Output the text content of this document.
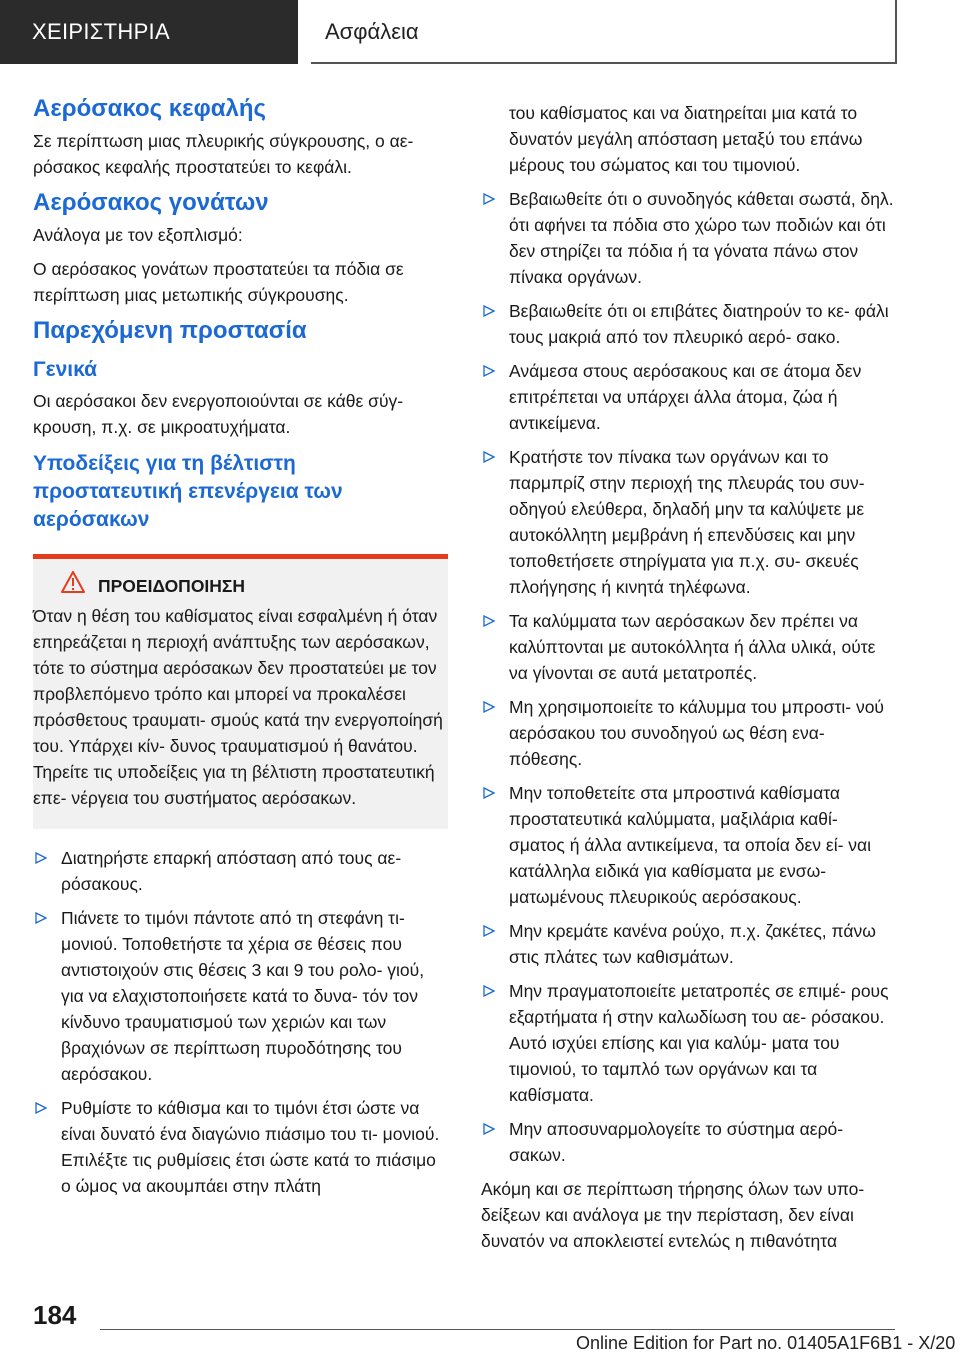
ΧΕΙΡΙΣΤΗΡΙΑ	Ασφάλεια
Αερόσακος κεφαλής

Σε περίπτωση μιας πλευρικής σύγκρουσης, ο αε- ρόσακος κεφαλής προστατεύει το κεφάλι.

Αερόσακος γονάτων

Ανάλογα με τον εξοπλισμό:

Ο αερόσακος γονάτων προστατεύει τα πόδια σε περίπτωση μιας μετωπικής σύγκρουσης.

Παρεχόμενη προστασία
Γενικά

Οι αερόσακοι δεν ενεργοποιούνται σε κάθε σύγ- κρουση, π.χ. σε μικροατυχήματα.

Υποδείξεις για τη βέλτιστη προστατευτική επενέργεια των αερόσακων
ΠΡΟΕΙΔΟΠΟΙΗΣΗ
Όταν η θέση του καθίσματος είναι εσφαλμένη ή όταν επηρεάζεται η περιοχή ανάπτυξης των αερόσακων, τότε το σύστημα αερόσακων δεν προστατεύει με τον προβλεπόμενο τρόπο και μπορεί να προκαλέσει πρόσθετους τραυματι- σμούς κατά την ενεργοποίησή του. Υπάρχει κίν- δυνος τραυματισμού ή θανάτου. Τηρείτε τις υποδείξεις για τη βέλτιστη προστατευτική επε- νέργεια του συστήματος αερόσακων.
Διατηρήστε επαρκή απόσταση από τους αε- ρόσακους.
Πιάνετε το τιμόνι πάντοτε από τη στεφάνη τι- μονιού. Τοποθετήστε τα χέρια σε θέσεις που αντιστοιχούν στις θέσεις 3 και 9 του ρολο- γιού, για να ελαχιστοποιήσετε κατά το δυνα- τόν τον κίνδυνο τραυματισμού των χεριών και των βραχιόνων σε περίπτωση πυροδότησης του αερόσακου.
Ρυθμίστε το κάθισμα και το τιμόνι έτσι ώστε να είναι δυνατό ένα διαγώνιο πιάσιμο του τι- μονιού. Επιλέξτε τις ρυθμίσεις έτσι ώστε κατά το πιάσιμο ο ώμος να ακουμπάει στην πλάτη

του καθίσματος και να διατηρείται μια κατά το δυνατόν μεγάλη απόσταση μεταξύ του επάνω μέρους του σώματος και του τιμονιού.

Βεβαιωθείτε ότι ο συνοδηγός κάθεται σωστά, δηλ. ότι αφήνει τα πόδια στο χώρο των ποδιών και ότι δεν στηρίζει τα πόδια ή τα γόνατα πάνω στον πίνακα οργάνων.
Βεβαιωθείτε ότι οι επιβάτες διατηρούν το κε- φάλι τους μακριά από τον πλευρικό αερό- σακο.
Ανάμεσα στους αερόσακους και σε άτομα δεν επιτρέπεται να υπάρχει άλλα άτομα, ζώα ή αντικείμενα.
Κρατήστε τον πίνακα των οργάνων και το παρμπρίζ στην περιοχή της πλευράς του συν- οδηγού ελεύθερα, δηλαδή μην τα καλύψετε με αυτοκόλλητη μεμβράνη ή επενδύσεις και μην τοποθετήσετε στηρίγματα για π.χ. συ- σκευές πλοήγησης ή κινητά τηλέφωνα.
Τα καλύμματα των αερόσακων δεν πρέπει να καλύπτονται με αυτοκόλλητα ή άλλα υλικά, ούτε να γίνονται σε αυτά μετατροπές.
Μη χρησιμοποιείτε το κάλυμμα του μπροστι- νού αερόσακου του συνοδηγού ως θέση ενα- πόθεσης.
Μην τοποθετείτε στα μπροστινά καθίσματα προστατευτικά καλύμματα, μαξιλάρια καθί- σματος ή άλλα αντικείμενα, τα οποία δεν εί- ναι κατάλληλα ειδικά για καθίσματα με ενσω- ματωμένους πλευρικούς αερόσακους.
Μην κρεμάτε κανένα ρούχο, π.χ. ζακέτες, πάνω στις πλάτες των καθισμάτων.
Μην πραγματοποιείτε μετατροπές σε επιμέ- ρους εξαρτήματα ή στην καλωδίωση του αε- ρόσακου. Αυτό ισχύει επίσης και για καλύμ- ματα του τιμονιού, το ταμπλό των οργάνων και τα καθίσματα.
Μην αποσυναρμολογείτε το σύστημα αερό- σακων.

Ακόμη και σε περίπτωση τήρησης όλων των υπο- δείξεων και ανάλογα με την περίσταση, δεν είναι δυνατόν να αποκλειστεί εντελώς η πιθανότητα

184
Online Edition for Part no. 01405A1F6B1 - X/20
